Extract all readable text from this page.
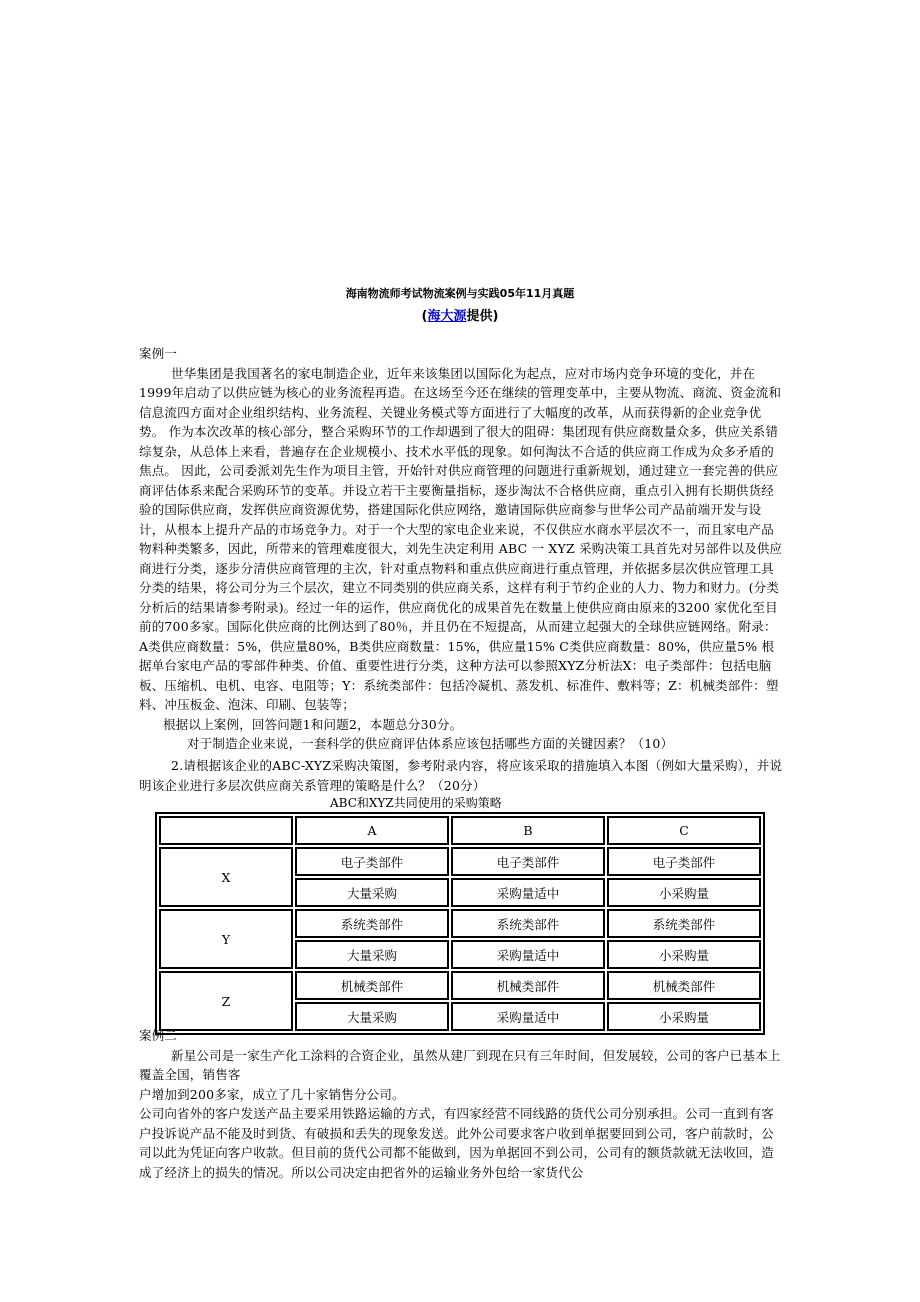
海南物流师考试物流案例与实践05年11月真题
(海大源提供)

案例一

世华集团是我国著名的家电制造企业，近年来该集团以国际化为起点，应对市场内竞争环境的变化，并在1999年启动了以供应链为核心的业务流程再造。在这场至今还在继续的管理变革中，主要从物流、商流、资金流和信息流四方面对企业组织结构、业务流程、关键业务模式等方面进行了大幅度的改革，从而获得新的企业竞争优势。 作为本次改革的核心部分，整合采购环节的工作却遇到了很大的阻碍：集团现有供应商数量众多，供应关系错综复杂，从总体上来看，普遍存在企业规模小、技术水平低的现象。如何淘汰不合适的供应商工作成为众多矛盾的焦点。 因此，公司委派刘先生作为项目主管，开始针对供应商管理的问题进行重新规划，通过建立一套完善的供应商评估体系来配合采购环节的变革。并设立若干主要衡量指标，逐步淘汰不合格供应商，重点引入拥有长期供货经验的国际供应商，发挥供应商资源优势，搭建国际化供应网络，邀请国际供应商参与世华公司产品前端开发与设计，从根本上提升产品的市场竞争力。对于一个大型的家电企业来说，不仅供应水商水平层次不一，而且家电产品物料种类繁多，因此，所带来的管理难度很大，刘先生决定利用 ABC 一 XYZ 采购决策工具首先对另部件以及供应商进行分类，逐步分清供应商管理的主次，针对重点物料和重点供应商进行重点管理，并依据多层次供应管理工具分类的结果，将公司分为三个层次，建立不同类别的供应商关系，这样有利于节约企业的人力、物力和财力。(分类分析后的结果请参考附录)。经过一年的运作，供应商优化的成果首先在数量上使供应商由原来的3200 家优化至目前的700多家。国际化供应商的比例达到了80％，并且仍在不短提高，从而建立起强大的全球供应链网络。附录：A类供应商数量：5%，供应量80%，B类供应商数量：15%，供应量15% C类供应商数量：80%，供应量5% 根据单台家电产品的零部件种类、价值、重要性进行分类，这种方法可以参照XYZ分析法X：电子类部件：包括电脑板、压缩机、电机、电容、电阻等；Y：系统类部件：包括冷凝机、蒸发机、标准件、敷料等；Z：机械类部件：塑料、冲压板金、泡沫、印刷、包装等；

根据以上案例，回答问题1和问题2，本题总分30分。

对于制造企业来说，一套科学的供应商评估体系应该包括哪些方面的关键因素？（10）

2.请根据该企业的ABC-XYZ采购决策图，参考附录内容，将应该采取的措施填入本图（例如大量采购），并说明该企业进行多层次供应商关系管理的策略是什么？（20分）

ABC和XYZ共同使用的采购策略
	A	B	C
X	电子类部件	电子类部件	电子类部件
	大量采购	采购量适中	小采购量
Y	系统类部件	系统类部件	系统类部件
	大量采购	采购量适中	小采购量
Z	机械类部件	机械类部件	机械类部件
	大量采购	采购量适中	小采购量

案例二

新星公司是一家生产化工涂料的合资企业，虽然从建厂到现在只有三年时间，但发展较，公司的客户已基本上覆盖全国，销售客

户增加到200多家，成立了几十家销售分公司。

公司向省外的客户发送产品主要采用铁路运输的方式，有四家经营不同线路的货代公司分别承担。公司一直到有客户投诉说产品不能及时到货、有破损和丢失的现象发送。此外公司要求客户收到单据要回到公司，客户前款时，公司以此为凭证向客户收款。但目前的货代公司都不能做到，因为单据回不到公司，公司有的额货款就无法收回，造成了经济上的损失的情况。所以公司决定由把省外的运输业务外包给一家货代公
